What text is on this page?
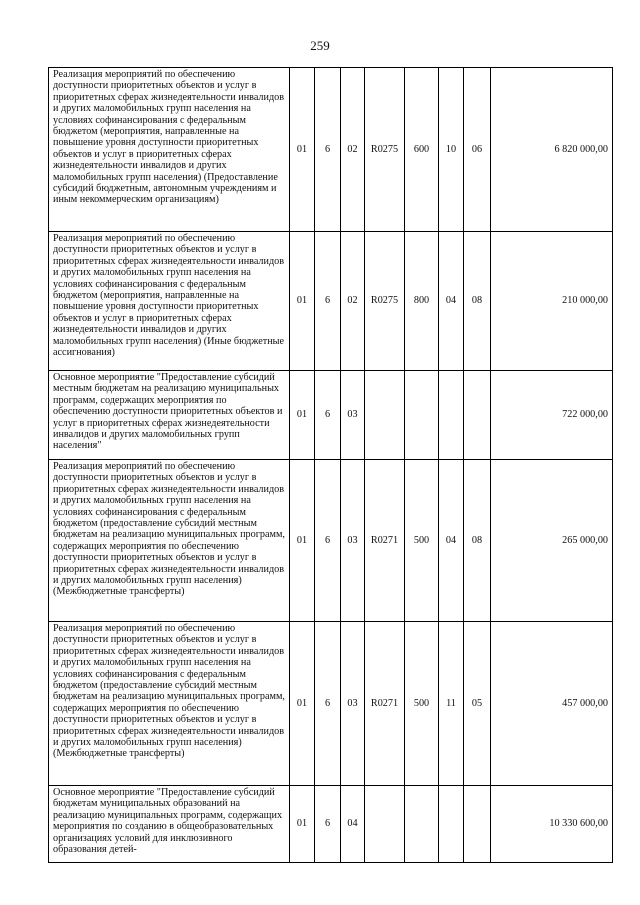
259
Реализация мероприятий по обеспечению доступности приоритетных объектов и услуг в приоритетных сферах жизнедеятельности инвалидов и других маломобильных групп населения на условиях софинансирования с федеральным бюджетом (мероприятия, направленные на повышение уровня доступности приоритетных объектов и услуг в приоритетных сферах жизнедеятельности инвалидов и других маломобильных групп населения) (Предоставление субсидий бюджетным, автономным учреждениям и иным некоммерческим организациям)	01	6	02	R0275	600	10	06	6 820 000,00
Реализация мероприятий по обеспечению доступности приоритетных объектов и услуг в приоритетных сферах жизнедеятельности инвалидов и других маломобильных групп населения на условиях софинансирования с федеральным бюджетом (мероприятия, направленные на повышение уровня доступности приоритетных объектов и услуг в приоритетных сферах жизнедеятельности инвалидов и других маломобильных групп населения) (Иные бюджетные ассигнования)	01	6	02	R0275	800	04	08	210 000,00
Основное мероприятие "Предоставление субсидий местным бюджетам на реализацию муниципальных программ, содержащих мероприятия по обеспечению доступности приоритетных объектов и услуг в приоритетных сферах жизнедеятельности инвалидов и других маломобильных групп населения"	01	6	03					722 000,00
Реализация мероприятий по обеспечению доступности приоритетных объектов и услуг в приоритетных сферах жизнедеятельности инвалидов и других маломобильных групп населения на условиях софинансирования с федеральным бюджетом (предоставление субсидий местным бюджетам на реализацию муниципальных программ, содержащих мероприятия по обеспечению доступности приоритетных объектов и услуг в приоритетных сферах жизнедеятельности инвалидов и других маломобильных групп населения) (Межбюджетные трансферты)	01	6	03	R0271	500	04	08	265 000,00
Реализация мероприятий по обеспечению доступности приоритетных объектов и услуг в приоритетных сферах жизнедеятельности инвалидов и других маломобильных групп населения на условиях софинансирования с федеральным бюджетом (предоставление субсидий местным бюджетам на реализацию муниципальных программ, содержащих мероприятия по обеспечению доступности приоритетных объектов и услуг в приоритетных сферах жизнедеятельности инвалидов и других маломобильных групп населения) (Межбюджетные трансферты)	01	6	03	R0271	500	11	05	457 000,00
Основное мероприятие "Предоставление субсидий бюджетам муниципальных образований на реализацию муниципальных программ, содержащих мероприятия по созданию в общеобразовательных организациях условий для инклюзивного образования детей-	01	6	04					10 330 600,00
